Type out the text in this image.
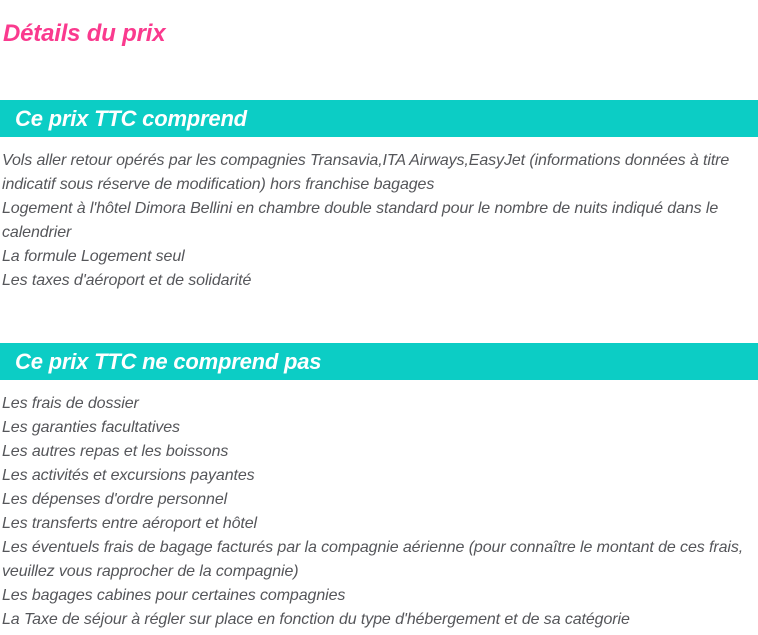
Détails du prix
Ce prix TTC comprend
Vols aller retour opérés par les compagnies Transavia,ITA Airways,EasyJet (informations données à titre indicatif sous réserve de modification) hors franchise bagages
Logement à l'hôtel Dimora Bellini en chambre double standard pour le nombre de nuits indiqué dans le calendrier
La formule Logement seul
Les taxes d'aéroport et de solidarité
Ce prix TTC ne comprend pas
Les frais de dossier
Les garanties facultatives
Les autres repas et les boissons
Les activités et excursions payantes
Les dépenses d'ordre personnel
Les transferts entre aéroport et hôtel
Les éventuels frais de bagage facturés par la compagnie aérienne (pour connaître le montant de ces frais, veuillez vous rapprocher de la compagnie)
Les bagages cabines pour certaines compagnies
La Taxe de séjour à régler sur place en fonction du type d'hébergement et de sa catégorie
